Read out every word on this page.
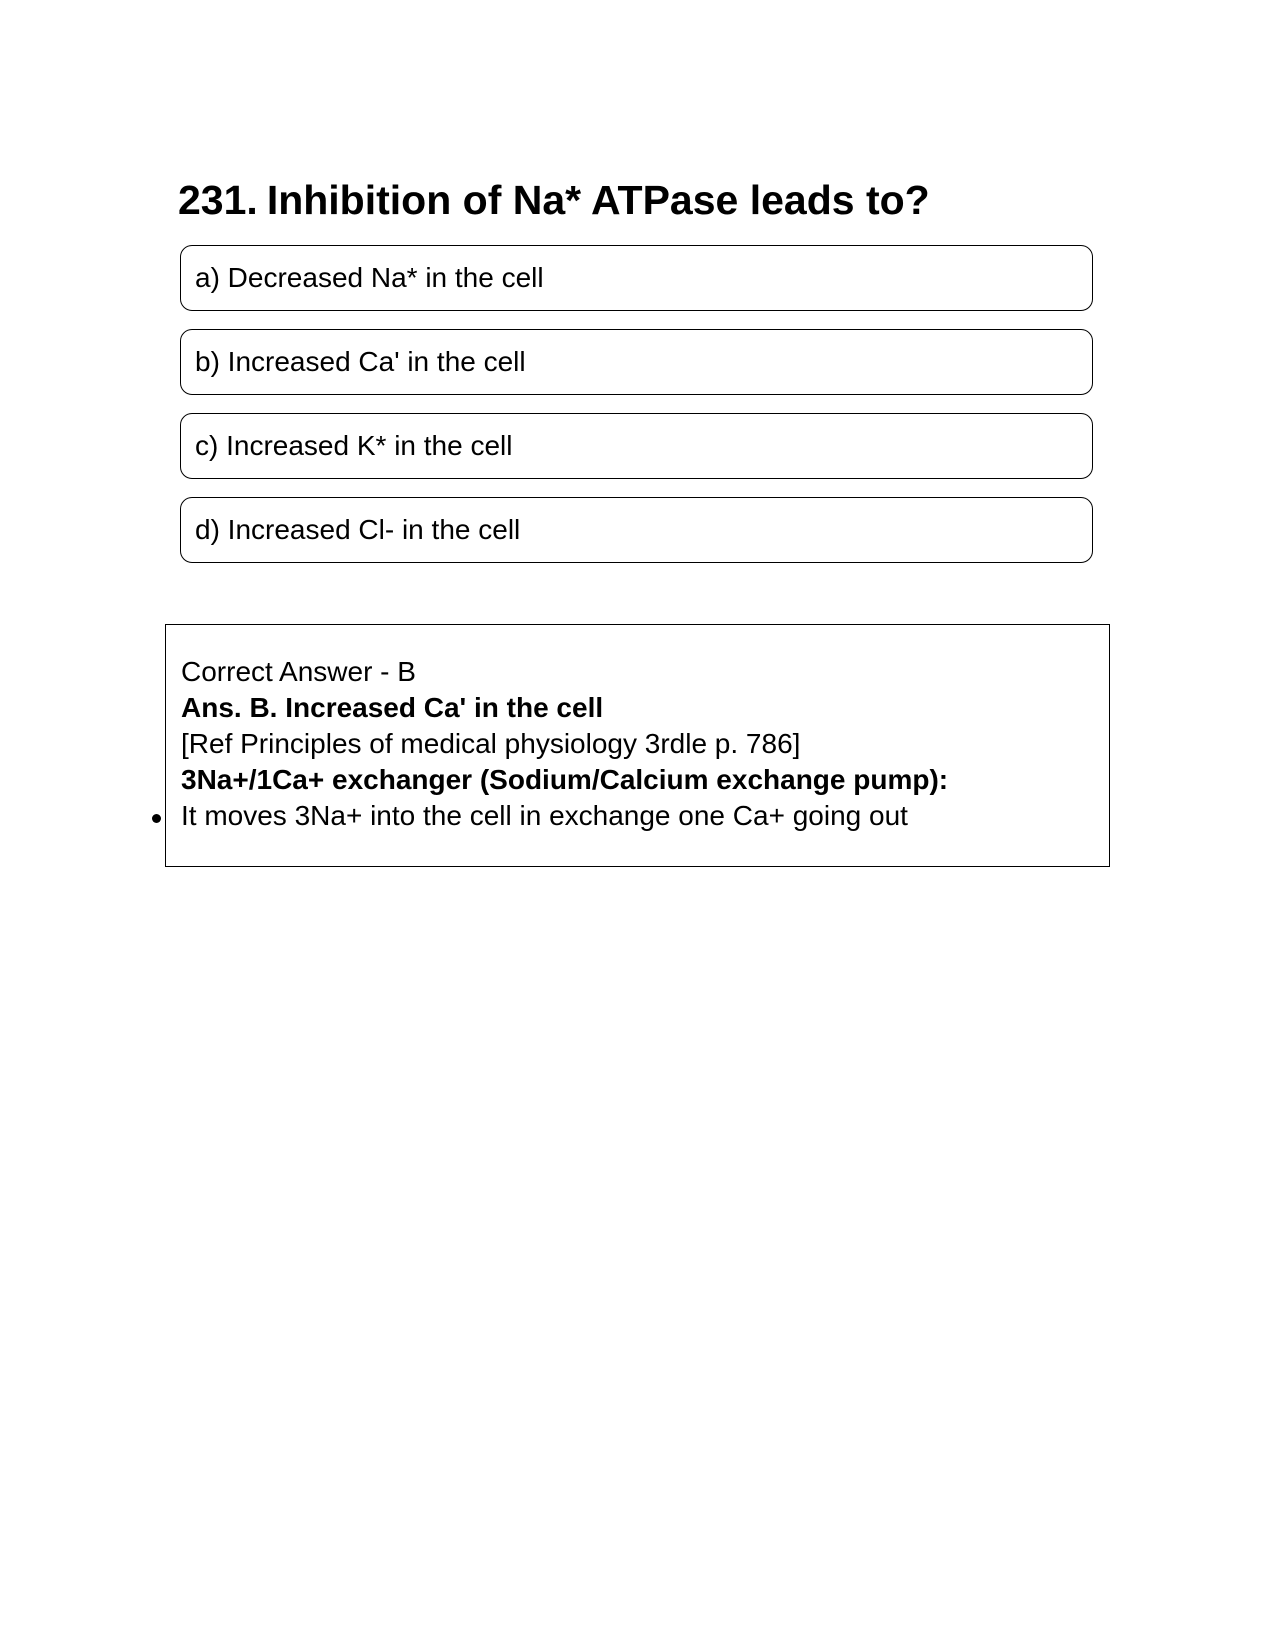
231. Inhibition of Na* ATPase leads to?
a) Decreased Na* in the cell
b) Increased Ca' in the cell
c) Increased K* in the cell
d) Increased Cl- in the cell
Correct Answer - B
Ans. B. Increased Ca' in the cell
[Ref Principles of medical physiology 3rdle p. 786]
3Na+/1Ca+ exchanger (Sodium/Calcium exchange pump):
It moves 3Na+ into the cell in exchange one Ca+ going out
